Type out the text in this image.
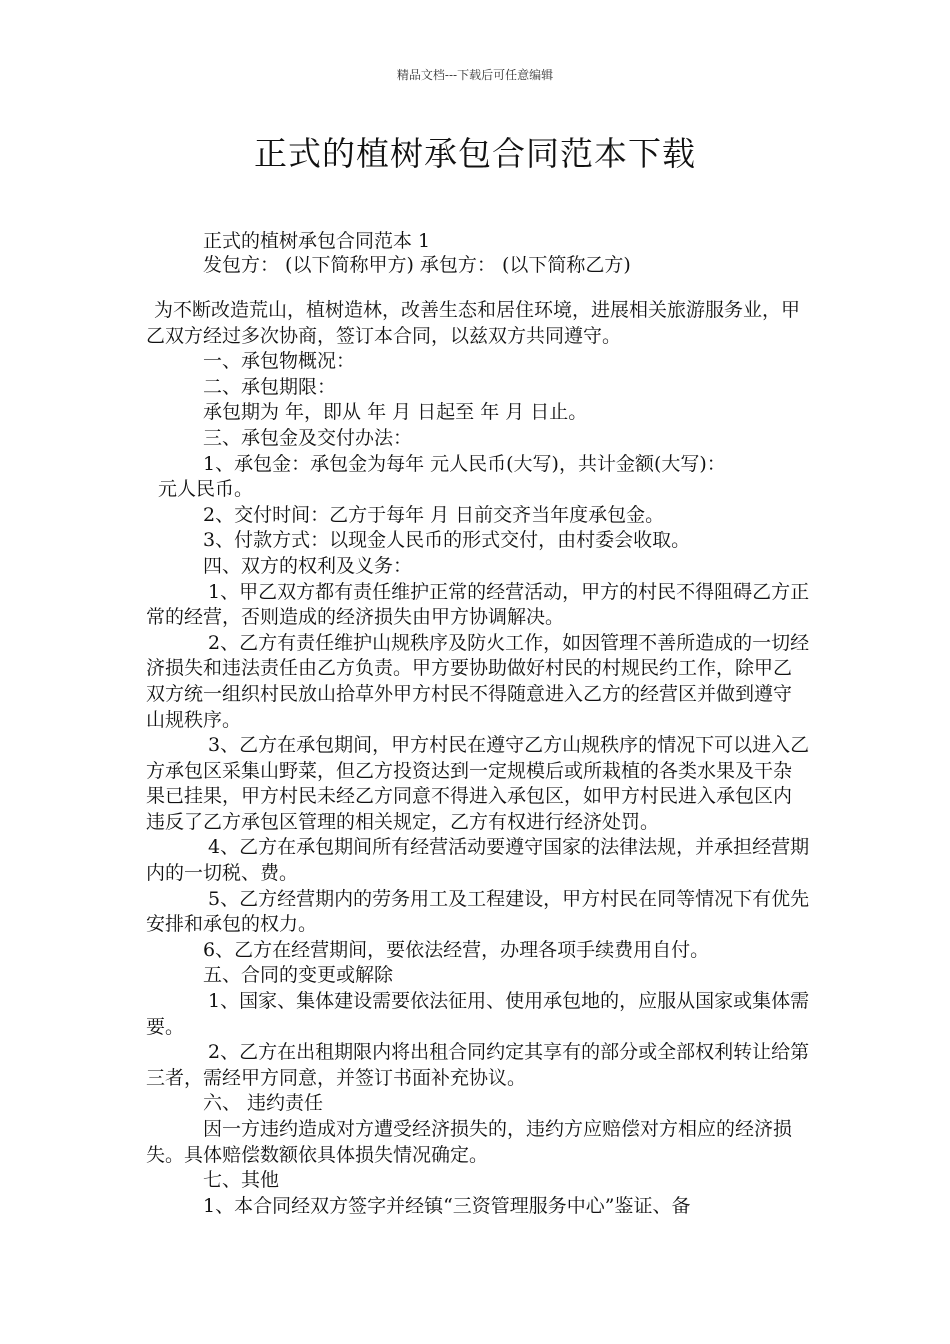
精品文档---下载后可任意编辑
正式的植树承包合同范本下载
正式的植树承包合同范本 1
发包方： (以下简称甲方) 承包方： (以下简称乙方)

为不断改造荒山，植树造林，改善生态和居住环境，进展相关旅游服务业，甲乙双方经过多次协商，签订本合同，以兹双方共同遵守。

一、承包物概况：

二、承包期限：

承包期为 年，即从 年 月 日起至 年 月 日止。

三、承包金及交付办法：

1、承包金：承包金为每年 元人民币(大写)，共计金额(大写)：

元人民币。

2、交付时间：乙方于每年 月 日前交齐当年度承包金。

3、付款方式：以现金人民币的形式交付，由村委会收取。

四、双方的权利及义务：

1、甲乙双方都有责任维护正常的经营活动，甲方的村民不得阻碍乙方正常的经营，否则造成的经济损失由甲方协调解决。

2、乙方有责任维护山规秩序及防火工作，如因管理不善所造成的一切经济损失和违法责任由乙方负责。甲方要协助做好村民的村规民约工作，除甲乙双方统一组织村民放山拾草外甲方村民不得随意进入乙方的经营区并做到遵守山规秩序。

3、乙方在承包期间，甲方村民在遵守乙方山规秩序的情况下可以进入乙方承包区采集山野菜，但乙方投资达到一定规模后或所栽植的各类水果及干杂果已挂果，甲方村民未经乙方同意不得进入承包区，如甲方村民进入承包区内违反了乙方承包区管理的相关规定，乙方有权进行经济处罚。

4、乙方在承包期间所有经营活动要遵守国家的法律法规，并承担经营期内的一切税、费。

5、乙方经营期内的劳务用工及工程建设，甲方村民在同等情况下有优先安排和承包的权力。

6、乙方在经营期间，要依法经营，办理各项手续费用自付。

五、合同的变更或解除

1、国家、集体建设需要依法征用、使用承包地的，应服从国家或集体需要。

2、乙方在出租期限内将出租合同约定其享有的部分或全部权利转让给第三者，需经甲方同意，并签订书面补充协议。

六、 违约责任

因一方违约造成对方遭受经济损失的，违约方应赔偿对方相应的经济损失。具体赔偿数额依具体损失情况确定。

七、其他

1、本合同经双方签字并经镇“三资管理服务中心”鉴证、备
